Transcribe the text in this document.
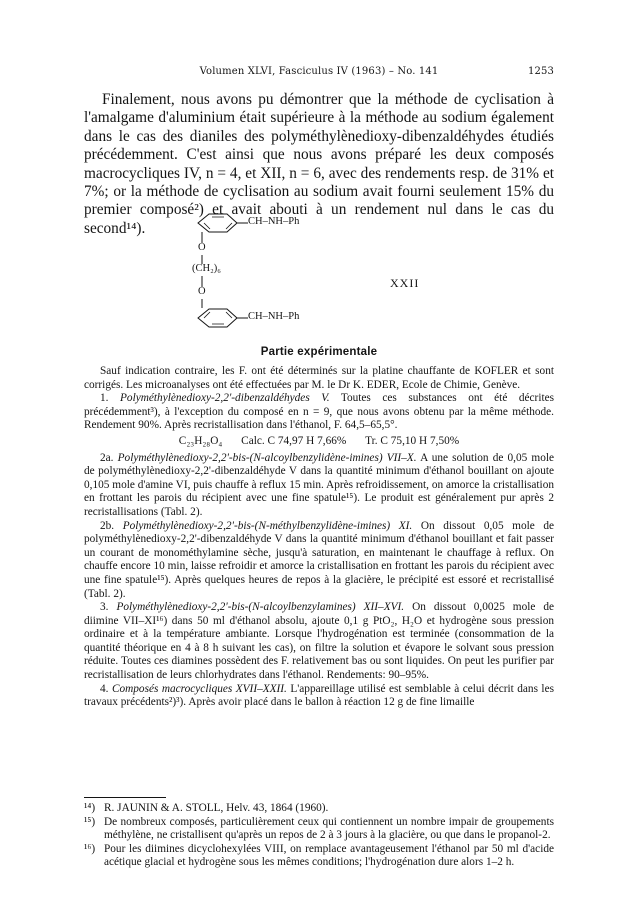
Volumen XLVI, Fasciculus IV (1963) – No. 141	1253

Finalement, nous avons pu démontrer que la méthode de cyclisation à l'amalgame d'aluminium était supérieure à la méthode au sodium également dans le cas des dianiles des polyméthylènedioxy-dibenzaldéhydes étudiés précédemment. C'est ainsi que nous avons préparé les deux composés macrocycliques IV, n = 4, et XII, n = 6, avec des rendements resp. de 31% et 7%; or la méthode de cyclisation au sodium avait fourni seulement 15% du premier composé²) et avait abouti à un rendement nul dans le cas du second¹⁴).	CH–NH–Ph
O
(CH₂)₆
O
CH–NH–Ph
XXII
Partie expérimentale

Sauf indication contraire, les F. ont été déterminés sur la platine chauffante de KOFLER et sont corrigés. Les microanalyses ont été effectuées par M. le Dr K. EDER, Ecole de Chimie, Genève.

1. Polyméthylènedioxy-2,2'-dibenzaldéhydes V. Toutes ces substances ont été décrites précédemment³), à l'exception du composé en n = 9, que nous avons obtenu par la même méthode. Rendement 90%. Après recristallisation dans l'éthanol, F. 64,5–65,5°.

C₂₃H₂₈O₄ Calc. C 74,97 H 7,66% Tr. C 75,10 H 7,50%

2a. Polyméthylènedioxy-2,2'-bis-(N-alcoylbenzylidène-imines) VII–X. A une solution de 0,05 mole de polyméthylènedioxy-2,2'-dibenzaldéhyde V dans la quantité minimum d'éthanol bouillant on ajoute 0,105 mole d'amine VI, puis chauffe à reflux 15 min. Après refroidissement, on amorce la cristallisation en frottant les parois du récipient avec une fine spatule¹⁵). Le produit est généralement pur après 2 recristallisations (Tabl. 2).

2b. Polyméthylènedioxy-2,2'-bis-(N-méthylbenzylidène-imines) XI. On dissout 0,05 mole de polyméthylènedioxy-2,2'-dibenzaldéhyde V dans la quantité minimum d'éthanol bouillant et fait passer un courant de monométhylamine sèche, jusqu'à saturation, en maintenant le chauffage à reflux. On chauffe encore 10 min, laisse refroidir et amorce la cristallisation en frottant les parois du récipient avec une fine spatule¹⁵). Après quelques heures de repos à la glacière, le précipité est essoré et recristallisé (Tabl. 2).

3. Polyméthylènedioxy-2,2'-bis-(N-alcoylbenzylamines) XII–XVI. On dissout 0,0025 mole de diimine VII–XI¹⁶) dans 50 ml d'éthanol absolu, ajoute 0,1 g PtO₂, H₂O et hydrogène sous pression ordinaire et à la température ambiante. Lorsque l'hydrogénation est terminée (consommation de la quantité théorique en 4 à 8 h suivant les cas), on filtre la solution et évapore le solvant sous pression réduite. Toutes ces diamines possèdent des F. relativement bas ou sont liquides. On peut les purifier par recristallisation de leurs chlorhydrates dans l'éthanol. Rendements: 90–95%.

4. Composés macrocycliques XVII–XXII. L'appareillage utilisé est semblable à celui décrit dans les travaux précédents²)³). Après avoir placé dans le ballon à réaction 12 g de fine limaille

¹⁴) R. JAUNIN & A. STOLL, Helv. 43, 1864 (1960).
¹⁵) De nombreux composés, particulièrement ceux qui contiennent un nombre impair de groupements méthylène, ne cristallisent qu'après un repos de 2 à 3 jours à la glacière, ou que dans le propanol-2.
¹⁶) Pour les diimines dicyclohexylées VIII, on remplace avantageusement l'éthanol par 50 ml d'acide acétique glacial et hydrogène sous les mêmes conditions; l'hydrogénation dure alors 1–2 h.
